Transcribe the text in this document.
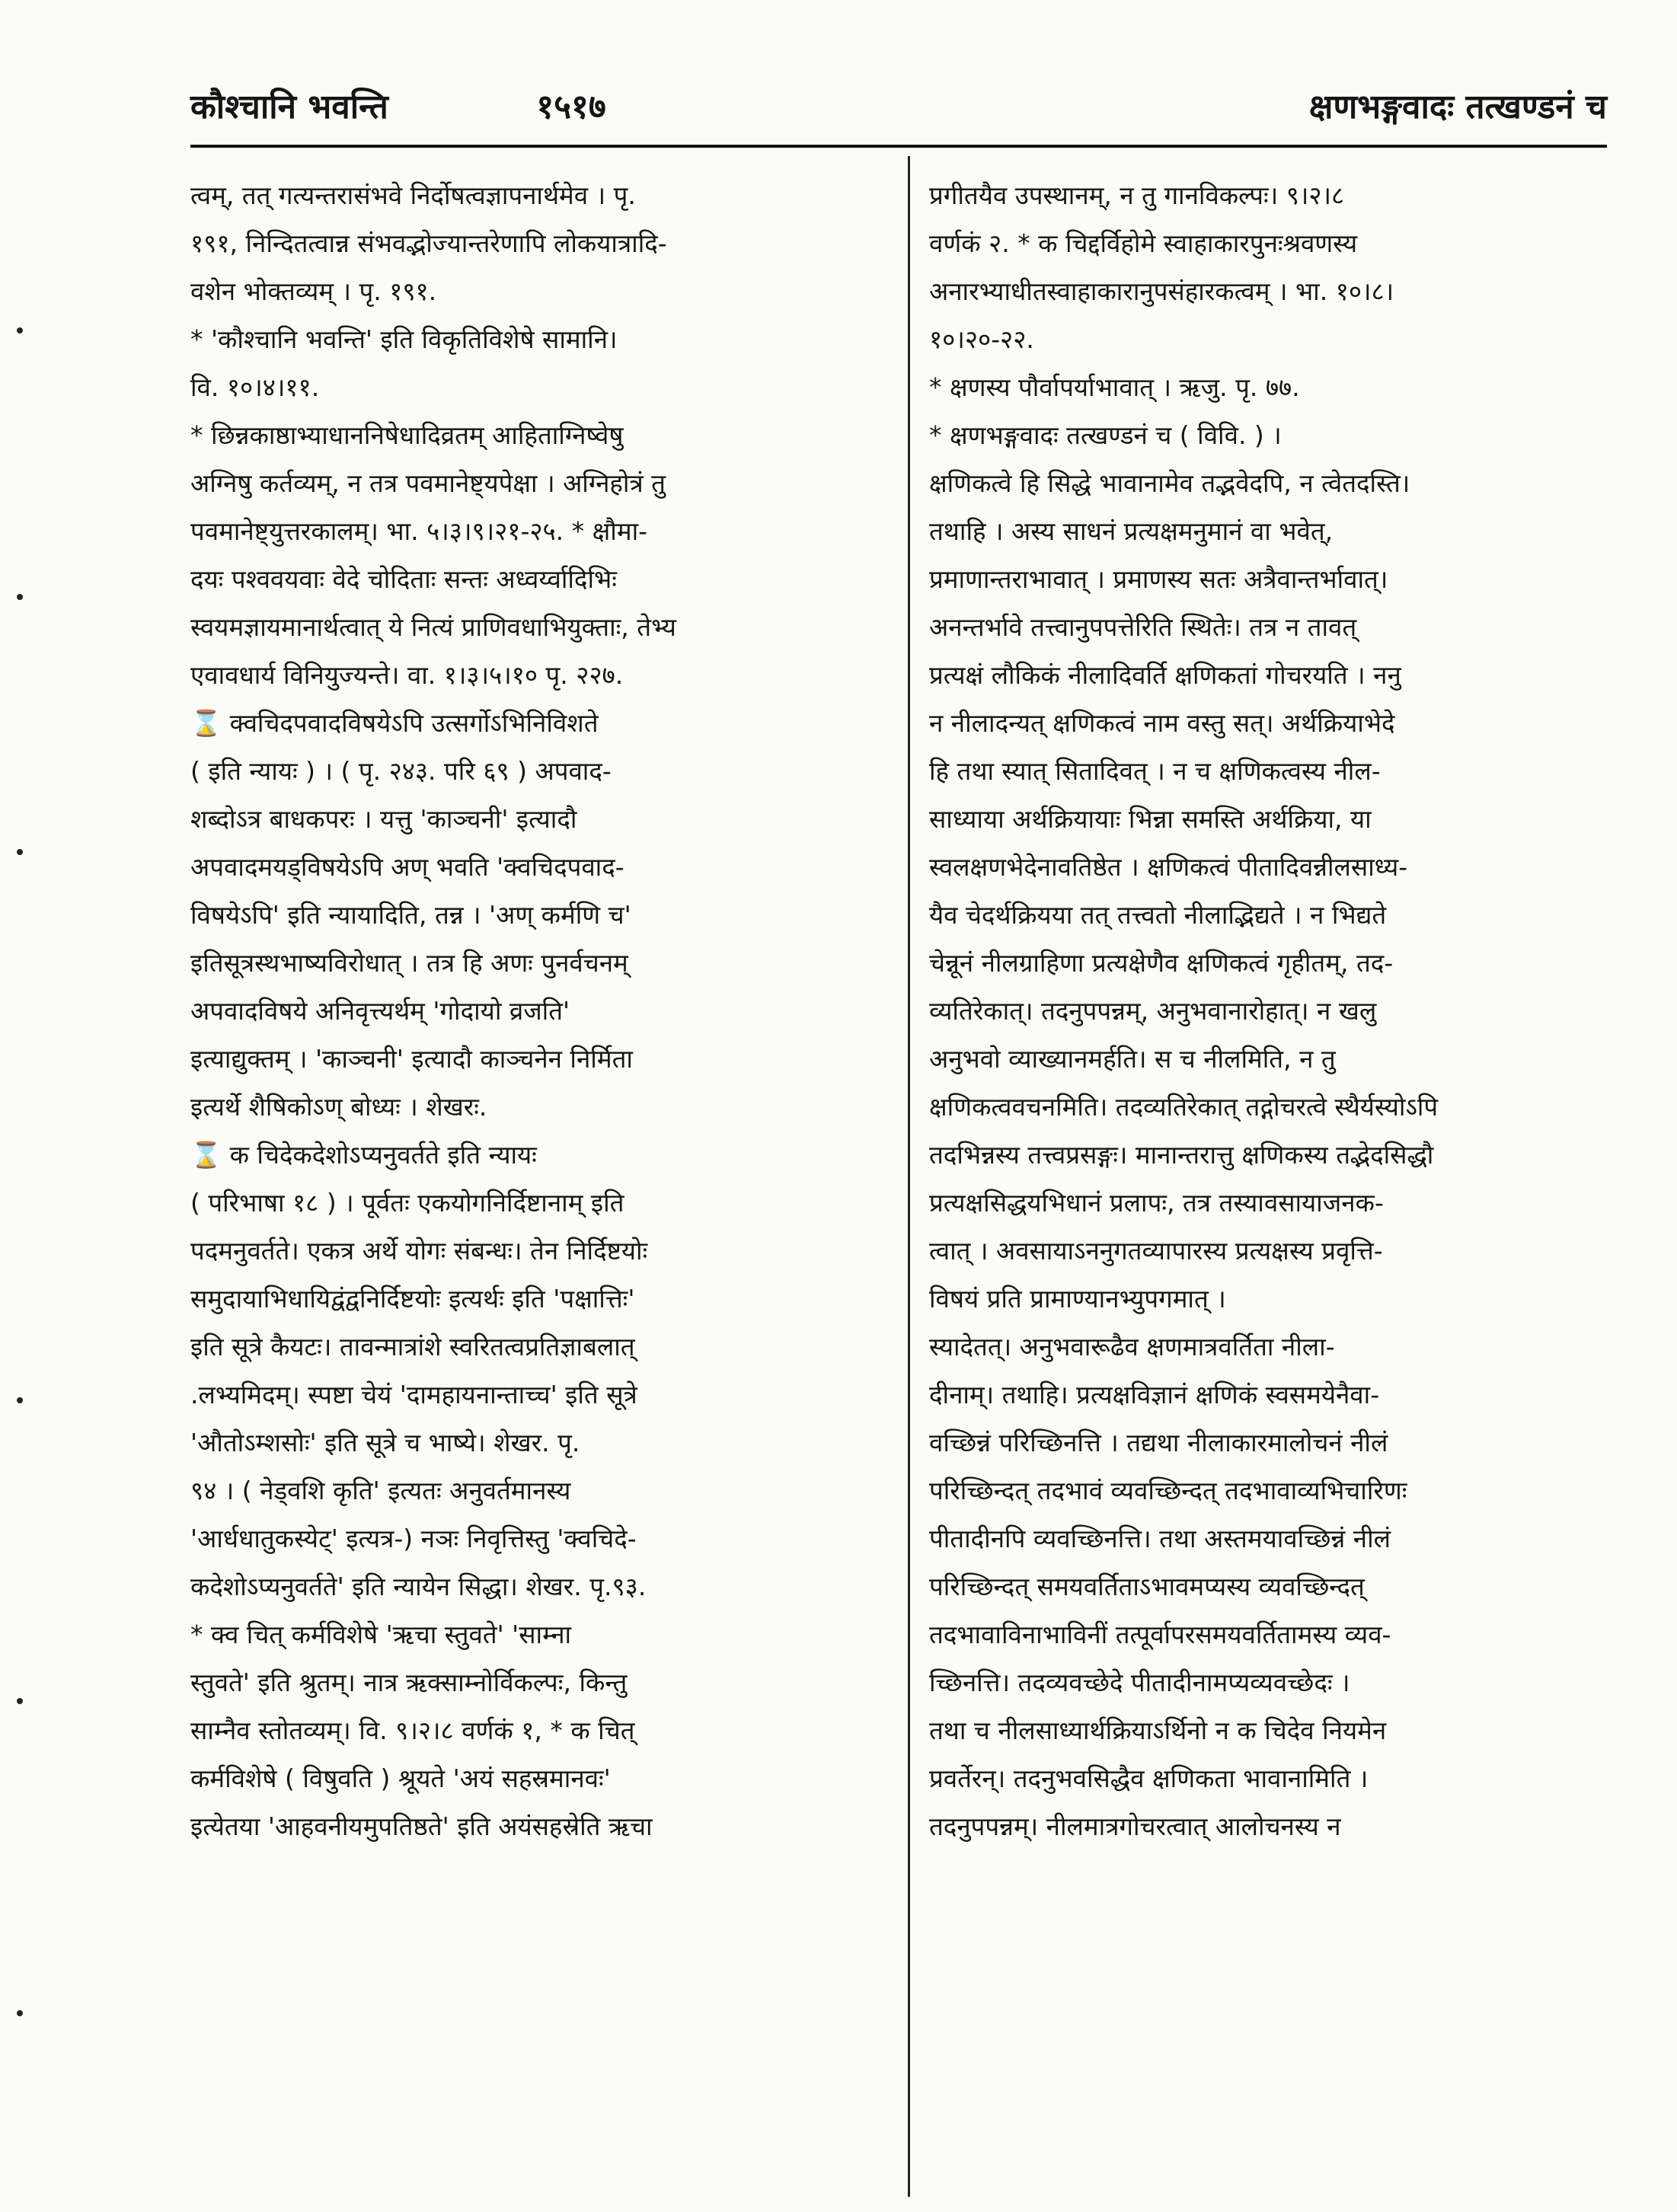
कौश्चानि भवन्ति	१५१७	क्षणभङ्गवादः तत्खण्डनं च
त्वम्, तत् गत्यन्तरासंभवे निर्दोषत्वज्ञापनार्थमेव । पृ.
१९१, निन्दितत्वान्न संभवद्भोज्यान्तरेणापि लोकयात्रादि-
वशेन भोक्तव्यम् । पृ. १९१.
* 'कौश्चानि भवन्ति' इति विकृतिविशेषे सामानि।
वि. १०।४।११.
* छिन्नकाष्ठाभ्याधाननिषेधादिव्रतम् आहिताग्निष्वेषु
अग्निषु कर्तव्यम्, न तत्र पवमानेष्ट्यपेक्षा । अग्निहोत्रं तु
पवमानेष्ट्युत्तरकालम्। भा. ५।३।९।२१-२५. * क्षौमा-
दयः पश्ववयवाः वेदे चोदिताः सन्तः अध्वर्य्वादिभिः
स्वयमज्ञायमानार्थत्वात् ये नित्यं प्राणिवधाभियुक्ताः, तेभ्य
एवावधार्य विनियुज्यन्ते। वा. १।३।५।१० पृ. २२७.
⌛ क्वचिदपवादविषयेऽपि उत्सर्गोऽभिनिविशते
( इति न्यायः ) । ( पृ. २४३. परि ६९ ) अपवाद-
शब्दोऽत्र बाधकपरः । यत्तु 'काञ्चनी' इत्यादौ
अपवादमयड्विषयेऽपि अण् भवति 'क्वचिदपवाद-
विषयेऽपि' इति न्यायादिति, तन्न । 'अण् कर्मणि च'
इतिसूत्रस्थभाष्यविरोधात् । तत्र हि अणः पुनर्वचनम्
अपवादविषये अनिवृत्त्यर्थम् 'गोदायो व्रजति'
इत्याद्युक्तम् । 'काञ्चनी' इत्यादौ काञ्चनेन निर्मिता
इत्यर्थे शैषिकोऽण् बोध्यः । शेखरः.
⌛ क चिदेकदेशोऽप्यनुवर्तते इति न्यायः
( परिभाषा १८ ) । पूर्वतः एकयोगनिर्दिष्टानाम् इति
पदमनुवर्तते। एकत्र अर्थे योगः संबन्धः। तेन निर्दिष्टयोः
समुदायाभिधायिद्वंद्वनिर्दिष्टयोः इत्यर्थः इति 'पक्षात्तिः'
इति सूत्रे कैयटः। तावन्मात्रांशे स्वरितत्वप्रतिज्ञाबलात्
.लभ्यमिदम्। स्पष्टा चेयं 'दामहायनान्ताच्च' इति सूत्रे
'औतोऽम्शसोः' इति सूत्रे च भाष्ये। शेखर. पृ.
९४ । ( नेड्वशि कृति' इत्यतः अनुवर्तमानस्य
'आर्धधातुकस्येट्' इत्यत्र-) नञः निवृत्तिस्तु 'क्वचिदे-
कदेशोऽप्यनुवर्तते' इति न्यायेन सिद्धा। शेखर. पृ.९३.
* क्व चित् कर्मविशेषे 'ऋचा स्तुवते' 'साम्ना
स्तुवते' इति श्रुतम्। नात्र ऋक्साम्नोर्विकल्पः, किन्तु
साम्नैव स्तोतव्यम्। वि. ९।२।८ वर्णकं १, * क चित्
कर्मविशेषे ( विषुवति ) श्रूयते 'अयं सहस्रमानवः'
इत्येतया 'आहवनीयमुपतिष्ठते' इति अयंसहस्रेति ऋचा
प्रगीतयैव उपस्थानम्, न तु गानविकल्पः। ९।२।८
वर्णकं २. * क चिद्दर्विहोमे स्वाहाकारपुनःश्रवणस्य
अनारभ्याधीतस्वाहाकारानुपसंहारकत्वम् । भा. १०।८।
१०।२०-२२.
* क्षणस्य पौर्वापर्याभावात् । ऋजु. पृ. ७७.
* क्षणभङ्गवादः तत्खण्डनं च ( विवि. ) ।
क्षणिकत्वे हि सिद्धे भावानामेव तद्भवेदपि, न त्वेतदस्ति।
तथाहि । अस्य साधनं प्रत्यक्षमनुमानं वा भवेत्,
प्रमाणान्तराभावात् । प्रमाणस्य सतः अत्रैवान्तर्भावात्।
अनन्तर्भावे तत्त्वानुपपत्तेरिति स्थितेः। तत्र न तावत्
प्रत्यक्षं लौकिकं नीलादिवर्ति क्षणिकतां गोचरयति । ननु
न नीलादन्यत् क्षणिकत्वं नाम वस्तु सत्। अर्थक्रियाभेदे
हि तथा स्यात् सितादिवत् । न च क्षणिकत्वस्य नील-
साध्याया अर्थक्रियायाः भिन्ना समस्ति अर्थक्रिया, या
स्वलक्षणभेदेनावतिष्ठेत । क्षणिकत्वं पीतादिवन्नीलसाध्य-
यैव चेदर्थक्रियया तत् तत्त्वतो नीलाद्भिद्यते । न भिद्यते
चेन्नूनं नीलग्राहिणा प्रत्यक्षेणैव क्षणिकत्वं गृहीतम्, तद-
व्यतिरेकात्। तदनुपपन्नम्, अनुभवानारोहात्। न खलु
अनुभवो व्याख्यानमर्हति। स च नीलमिति, न तु
क्षणिकत्ववचनमिति। तदव्यतिरेकात् तद्गोचरत्वे स्थैर्यस्योऽपि
तदभिन्नस्य तत्त्वप्रसङ्गः। मानान्तरात्तु क्षणिकस्य तद्भेदसिद्धौ
प्रत्यक्षसिद्धयभिधानं प्रलापः, तत्र तस्यावसायाजनक-
त्वात् । अवसायाऽननुगतव्यापारस्य प्रत्यक्षस्य प्रवृत्ति-
विषयं प्रति प्रामाण्यानभ्युपगमात् ।
स्यादेतत्। अनुभवारूढैव क्षणमात्रवर्तिता नीला-
दीनाम्। तथाहि। प्रत्यक्षविज्ञानं क्षणिकं स्वसमयेनैवा-
वच्छिन्नं परिच्छिनत्ति । तद्यथा नीलाकारमालोचनं नीलं
परिच्छिन्दत् तदभावं व्यवच्छिन्दत् तदभावाव्यभिचारिणः
पीतादीनपि व्यवच्छिनत्ति। तथा अस्तमयावच्छिन्नं नीलं
परिच्छिन्दत् समयवर्तिताऽभावमप्यस्य व्यवच्छिन्दत्
तदभावाविनाभाविनीं तत्पूर्वापरसमयवर्तितामस्य व्यव-
च्छिनत्ति। तदव्यवच्छेदे पीतादीनामप्यव्यवच्छेदः ।
तथा च नीलसाध्यार्थक्रियाऽर्थिनो न क चिदेव नियमेन
प्रवर्तेरन्। तदनुभवसिद्धैव क्षणिकता भावानामिति ।
तदनुपपन्नम्। नीलमात्रगोचरत्वात् आलोचनस्य न
